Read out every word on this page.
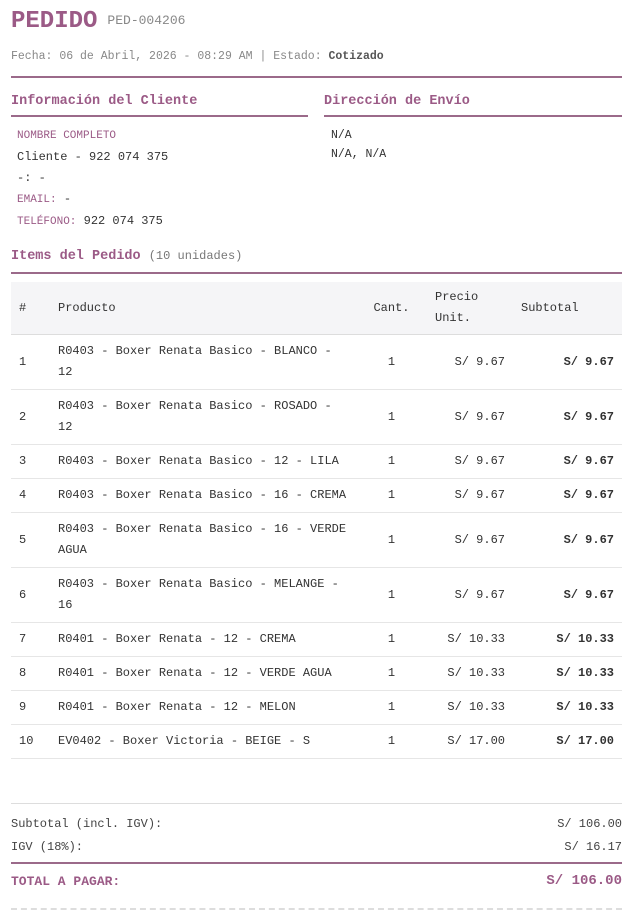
PEDIDO PED-004206
Fecha: 06 de Abril, 2026 - 08:29 AM | Estado: Cotizado
Información del Cliente	Dirección de Envío
NOMBRE COMPLETO
Cliente - 922 074 375
-: -
EMAIL: -
TELÉFONO: 922 074 375
N/A
N/A, N/A
Items del Pedido (10 unidades)
#	Producto	Cant.	Precio Unit.	Subtotal
1	R0403 - Boxer Renata Basico - BLANCO - 12	1	S/ 9.67	S/ 9.67
2	R0403 - Boxer Renata Basico - ROSADO - 12	1	S/ 9.67	S/ 9.67
3	R0403 - Boxer Renata Basico - 12 - LILA	1	S/ 9.67	S/ 9.67
4	R0403 - Boxer Renata Basico - 16 - CREMA	1	S/ 9.67	S/ 9.67
5	R0403 - Boxer Renata Basico - 16 - VERDE AGUA	1	S/ 9.67	S/ 9.67
6	R0403 - Boxer Renata Basico - MELANGE - 16	1	S/ 9.67	S/ 9.67
7	R0401 - Boxer Renata - 12 - CREMA	1	S/ 10.33	S/ 10.33
8	R0401 - Boxer Renata - 12 - VERDE AGUA	1	S/ 10.33	S/ 10.33
9	R0401 - Boxer Renata - 12 - MELON	1	S/ 10.33	S/ 10.33
10	EV0402 - Boxer Victoria - BEIGE - S	1	S/ 17.00	S/ 17.00
Subtotal (incl. IGV):	S/ 106.00
IGV (18%):	S/ 16.17
TOTAL A PAGAR:	S/ 106.00
